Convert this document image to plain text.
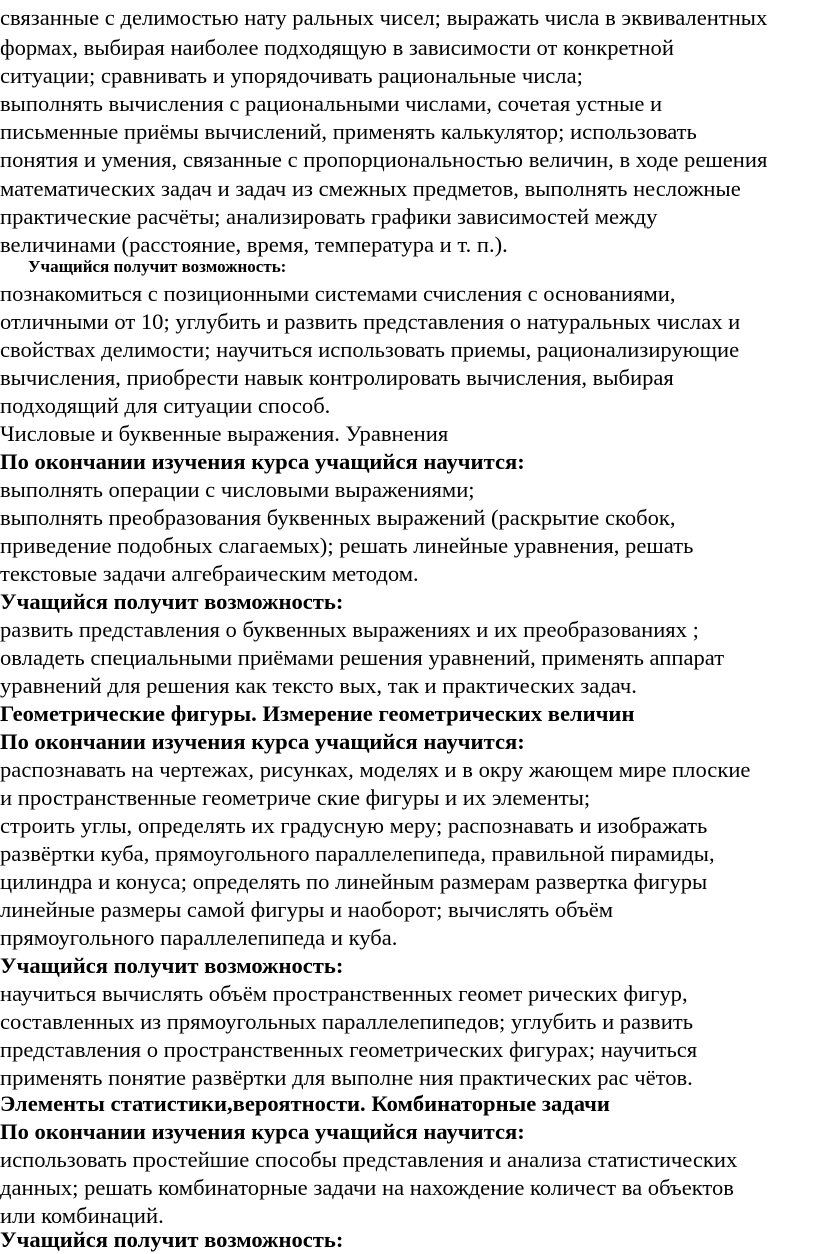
связанные с делимостью нату ральных чисел; выражать числа в эквивалентных
формах, выбирая наиболее подходящую в зависимости от конкретной
ситуации; сравнивать и упорядочивать рациональные числа;
выполнять вычисления с рациональными числами, сочетая устные и
письменные приёмы вычислений, применять калькулятор; использовать
понятия и умения, связанные с пропорциональностью величин, в ходе решения
математических задач и задач из смежных предметов, выполнять несложные
практические расчёты; анализировать графики зависимостей между
величинами (расстояние, время, температура и т. п.).
Учащийся получит возможность:
познакомиться с позиционными системами счисления с основаниями,
отличными от 10; углубить и развить представления о натуральных числах и
свойствах делимости; научиться использовать приемы, рационализирующие
вычисления, приобрести навык контролировать вычисления, выбирая
подходящий для ситуации способ.
Числовые и буквенные выражения. Уравнения
По окончании изучения курса учащийся научится:
выполнять операции с числовыми выражениями;
выполнять преобразования буквенных выражений (раскрытие скобок,
приведение подобных слагаемых); решать линейные уравнения, решать
текстовые задачи алгебраическим методом.
Учащийся получит возможность:
развить представления о буквенных выражениях и их преобразованиях ;
овладеть специальными приёмами решения уравнений, применять аппарат
уравнений для решения как тексто вых, так и практических задач.
Геометрические фигуры. Измерение геометрических величин
По окончании изучения курса учащийся научится:
распознавать на чертежах, рисунках, моделях и в окру жающем мире плоские
и пространственные геометриче ские фигуры и их элементы;
строить углы, определять их градусную меру; распознавать и изображать
развёртки куба, прямоугольного параллелепипеда, правильной пирамиды,
цилиндра и конуса; определять по линейным размерам развертка фигуры
линейные размеры самой фигуры и наоборот; вычислять объём
прямоугольного параллелепипеда и куба.
Учащийся получит возможность:
научиться вычислять объём пространственных геомет рических фигур,
составленных из прямоугольных параллелепипедов; углубить и развить
представления о пространственных геометрических фигурах; научиться
применять понятие развёртки для выполне ния практических рас чётов.
Элементы статистики,вероятности. Комбинаторные задачи
По окончании изучения курса учащийся научится:
использовать простейшие способы представления и анализа статистических
данных; решать комбинаторные задачи на нахождение количест ва объектов
или комбинаций.
Учащийся получит возможность:
